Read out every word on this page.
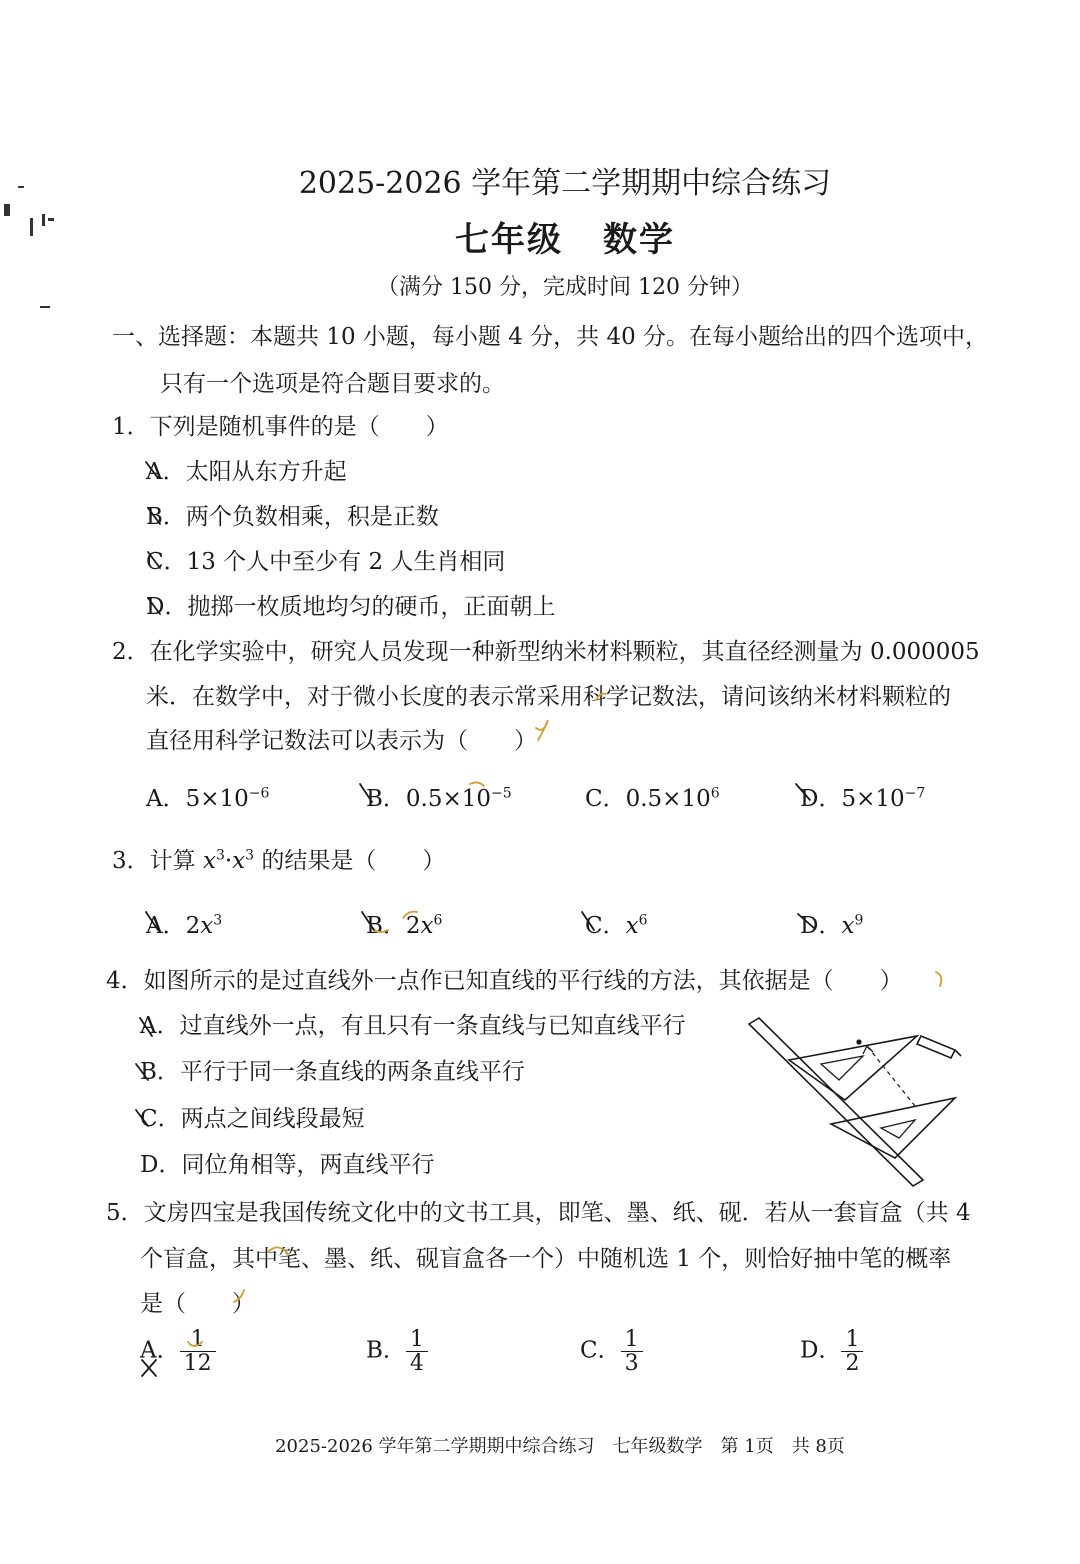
2025-2026 学年第二学期期中综合练习
七年级 数学
（满分 150 分，完成时间 120 分钟）
一、选择题：本题共 10 小题，每小题 4 分，共 40 分。在每小题给出的四个选项中，
只有一个选项是符合题目要求的。
1．下列是随机事件的是（　　）
A．太阳从东方升起
B．两个负数相乘，积是正数
C．13 个人中至少有 2 人生肖相同
D．抛掷一枚质地均匀的硬币，正面朝上
2．在化学实验中，研究人员发现一种新型纳米材料颗粒，其直径经测量为 0.000005
米．在数学中，对于微小长度的表示常采用科学记数法，请问该纳米材料颗粒的
直径用科学记数法可以表示为（　　）
A．$5\times 10^{-6}$	B．$0.5\times 10^{-5}$	C．$0.5\times 10^6$	D．$5\times 10^{-7}$
3．计算 $x^3\cdot x^3$ 的结果是（　　）
A．$2x^3$	B．$2x^6$	C．$x^6$	D．$x^9$
4．如图所示的是过直线外一点作已知直线的平行线的方法，其依据是（　　）
A．过直线外一点，有且只有一条直线与已知直线平行
B．平行于同一条直线的两条直线平行
C．两点之间线段最短
D．同位角相等，两直线平行
5．文房四宝是我国传统文化中的文书工具，即笔、墨、纸、砚．若从一套盲盒（共 4
个盲盒，其中笔、墨、纸、砚盲盒各一个）中随机选 1 个，则恰好抽中笔的概率
是（　　）
A． $\frac{1}{12}$	B． $\frac{1}{4}$	C． $\frac{1}{3}$	D． $\frac{1}{2}$
2025-2026 学年第二学期期中综合练习　七年级数学　第 1页　共 8页
